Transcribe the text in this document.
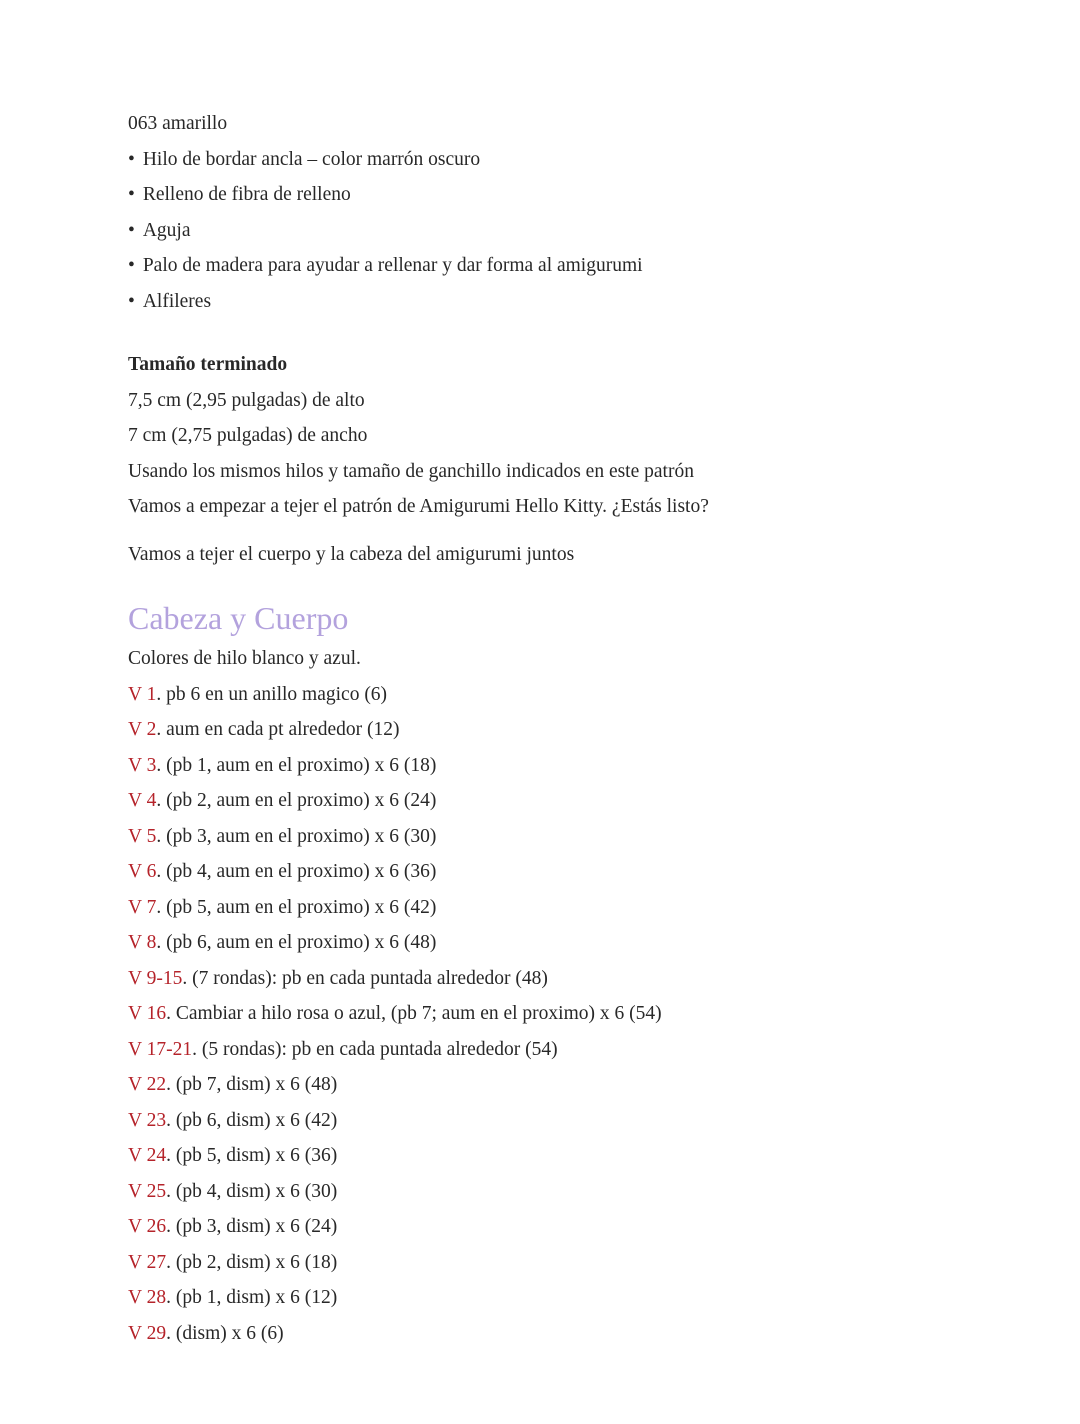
063 amarillo

• Hilo de bordar ancla – color marrón oscuro

• Relleno de fibra de relleno

• Aguja

• Palo de madera para ayudar a rellenar y dar forma al amigurumi

• Alfileres

Tamaño terminado

7,5 cm (2,95 pulgadas) de alto

7 cm (2,75 pulgadas) de ancho

Usando los mismos hilos y tamaño de ganchillo indicados en este patrón

Vamos a empezar a tejer el patrón de Amigurumi Hello Kitty. ¿Estás listo?

Vamos a tejer el cuerpo y la cabeza del amigurumi juntos

Cabeza y Cuerpo

Colores de hilo blanco y azul.

V 1. pb 6 en un anillo magico (6)

V 2. aum en cada pt alrededor (12)

V 3. (pb 1, aum en el proximo) x 6 (18)

V 4. (pb 2, aum en el proximo) x 6 (24)

V 5. (pb 3, aum en el proximo) x 6 (30)

V 6. (pb 4, aum en el proximo) x 6 (36)

V 7. (pb 5, aum en el proximo) x 6 (42)

V 8. (pb 6, aum en el proximo) x 6 (48)

V 9-15. (7 rondas): pb en cada puntada alrededor (48)

V 16. Cambiar a hilo rosa o azul, (pb 7; aum en el proximo) x 6 (54)

V 17-21. (5 rondas): pb en cada puntada alrededor (54)

V 22. (pb 7, dism) x 6 (48)

V 23. (pb 6, dism) x 6 (42)

V 24. (pb 5, dism) x 6 (36)

V 25. (pb 4, dism) x 6 (30)

V 26. (pb 3, dism) x 6 (24)

V 27. (pb 2, dism) x 6 (18)

V 28. (pb 1, dism) x 6 (12)

V 29. (dism) x 6 (6)
